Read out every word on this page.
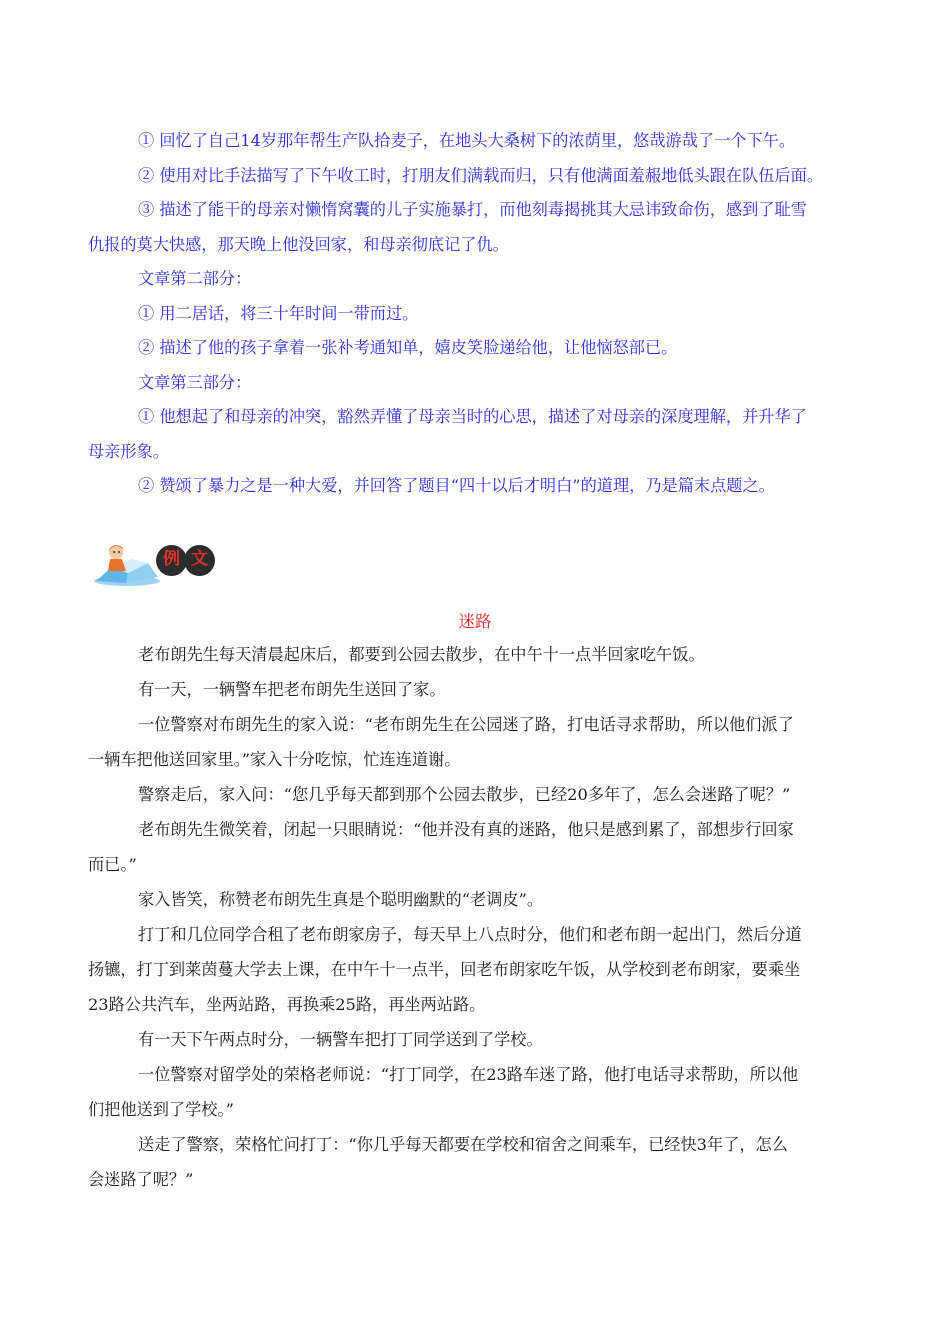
① 回忆了自己14岁那年帮生产队拾麦子，在地头大桑树下的浓荫里，悠哉游哉了一个下午。

② 使用对比手法描写了下午收工时，打朋友们满载而归，只有他满面羞赧地低头跟在队伍后面。

③ 描述了能干的母亲对懒惰窝囊的儿子实施暴打，而他刻毒揭挑其大忌讳致命伤，感到了耻雪

仇报的莫大快感，那天晚上他没回家，和母亲彻底记了仇。

文章第二部分：

① 用二居话，将三十年时间一带而过。

② 描述了他的孩子拿着一张补考通知单，嬉皮笑脸递给他，让他恼怒部已。

文章第三部分：

① 他想起了和母亲的冲突，豁然弄懂了母亲当时的心思，描述了对母亲的深度理解，并升华了

母亲形象。

② 赞颂了暴力之是一种大爱，并回答了题目“四十以后才明白”的道理，乃是篇末点题之。

例 文
迷路

老布朗先生每天清晨起床后，都要到公园去散步，在中午十一点半回家吃午饭。

有一天，一辆警车把老布朗先生送回了家。

一位警察对布朗先生的家入说：“老布朗先生在公园迷了路，打电话寻求帮助，所以他们派了

一辆车把他送回家里。”家入十分吃惊，忙连连道谢。

警察走后，家入问：“您几乎每天都到那个公园去散步，已经20多年了，怎么会迷路了呢？”

老布朗先生微笑着，闭起一只眼睛说：“他并没有真的迷路，他只是感到累了，部想步行回家

而已。”

家入皆笑，称赞老布朗先生真是个聪明幽默的“老调皮”。

打丁和几位同学合租了老布朗家房子，每天早上八点时分，他们和老布朗一起出门，然后分道

扬镳，打丁到莱茵蔓大学去上课，在中午十一点半，回老布朗家吃午饭，从学校到老布朗家，要乘坐

23路公共汽车，坐两站路，再换乘25路，再坐两站路。

有一天下午两点时分，一辆警车把打丁同学送到了学校。

一位警察对留学处的荣格老师说：“打丁同学，在23路车迷了路，他打电话寻求帮助，所以他

们把他送到了学校。”

送走了警察，荣格忙问打丁：“你几乎每天都要在学校和宿舍之间乘车，已经快3年了，怎么

会迷路了呢？”
